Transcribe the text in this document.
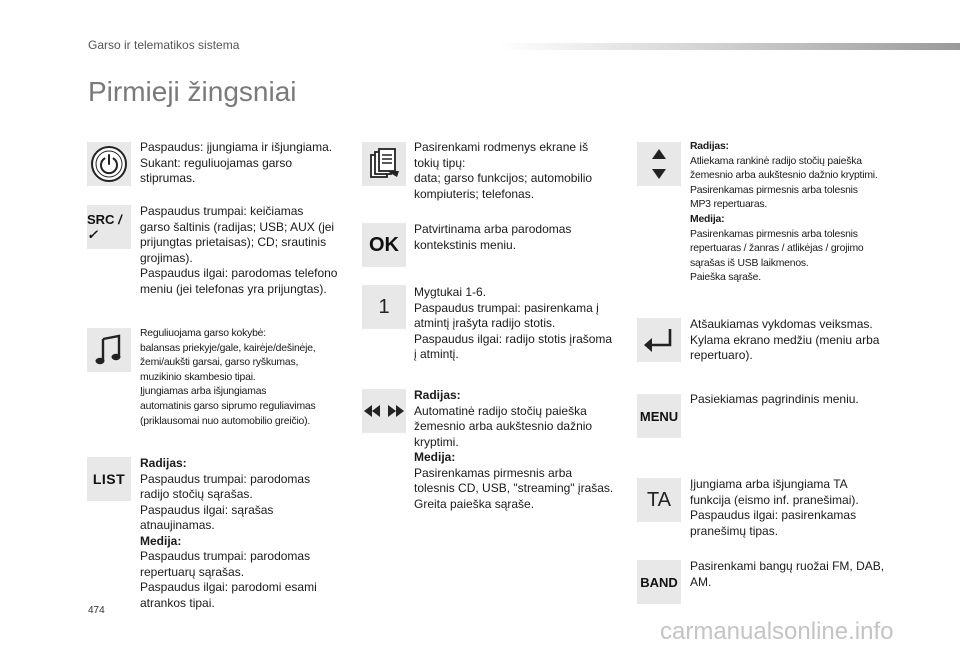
Garso ir telematikos sistema
Pirmieji žingsniai
Paspaudus: įjungiama ir išjungiama.
Sukant: reguliuojamas garso
stiprumas.
SRC /✓
Paspaudus trumpai: keičiamas
garso šaltinis (radijas; USB; AUX (jei
prijungtas prietaisas); CD; srautinis
grojimas).
Paspaudus ilgai: parodomas telefono
meniu (jei telefonas yra prijungtas).
Reguliuojama garso kokybė:
balansas priekyje/gale, kairėje/dešinėje,
žemi/aukšti garsai, garso ryškumas,
muzikinio skambesio tipai.
Įjungiamas arba išjungiamas
automatinis garso siprumo reguliavimas
(priklausomai nuo automobilio greičio).
LIST
Radijas:
Paspaudus trumpai: parodomas
radijo stočių sąrašas.
Paspaudus ilgai: sąrašas
atnaujinamas.
Medija:
Paspaudus trumpai: parodomas
repertuarų sąrašas.
Paspaudus ilgai: parodomi esami
atrankos tipai.
Pasirenkami rodmenys ekrane iš
tokių tipų:
data; garso funkcijos; automobilio
kompiuteris; telefonas.
OK
Patvirtinama arba parodomas
kontekstinis meniu.
1
Mygtukai 1-6.
Paspaudus trumpai: pasirenkama į
atmintį įrašyta radijo stotis.
Paspaudus ilgai: radijo stotis įrašoma
į atmintį.
Radijas:
Automatinė radijo stočių paieška
žemesnio arba aukštesnio dažnio
kryptimi.
Medija:
Pasirenkamas pirmesnis arba
tolesnis CD, USB, "streaming" įrašas.
Greita paieška sąraše.
Radijas:
Atliekama rankinė radijo stočių paieška
žemesnio arba aukštesnio dažnio kryptimi.
Pasirenkamas pirmesnis arba tolesnis
MP3 repertuaras.
Medija:
Pasirenkamas pirmesnis arba tolesnis
repertuaras / žanras / atlikėjas / grojimo
sąrašas iš USB laikmenos.
Paieška sąraše.
Atšaukiamas vykdomas veiksmas.
Kylama ekrano medžiu (meniu arba
repertuaro).
MENU
Pasiekiamas pagrindinis meniu.
TA
Įjungiama arba išjungiama TA
funkcija (eismo inf. pranešimai).
Paspaudus ilgai: pasirenkamas
pranešimų tipas.
BAND
Pasirenkami bangų ruožai FM, DAB,
AM.
474
carmanualsonline.info
